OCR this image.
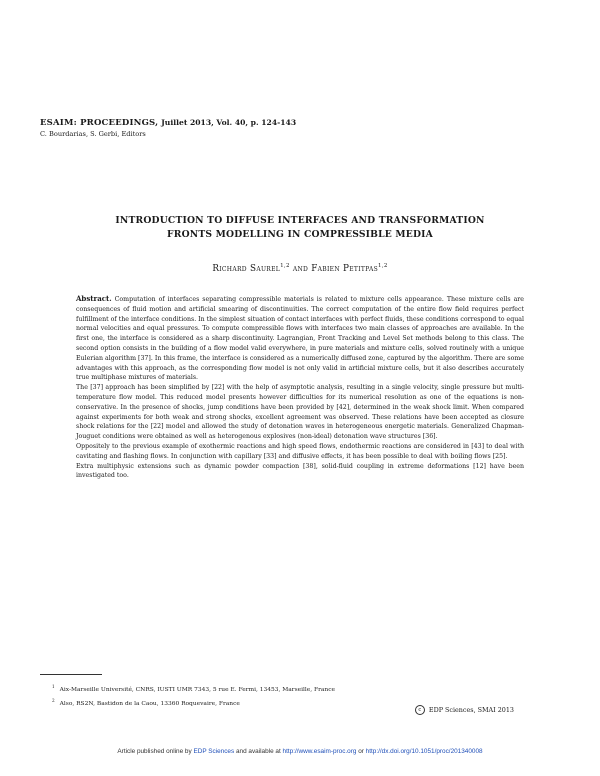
ESAIM: PROCEEDINGS, Juillet 2013, Vol. 40, p. 124-143
C. Bourdarias, S. Gerbi, Editors
INTRODUCTION TO DIFFUSE INTERFACES AND TRANSFORMATION
FRONTS MODELLING IN COMPRESSIBLE MEDIA
Richard Saurel$^{1,2}$ and Fabien Petitpas$^{1,2}$

Abstract. Computation of interfaces separating compressible materials is related to mixture cells appearance. These mixture cells are consequences of fluid motion and artificial smearing of discontinuities. The correct computation of the entire flow field requires perfect fulfillment of the interface conditions. In the simplest situation of contact interfaces with perfect fluids, these conditions correspond to equal normal velocities and equal pressures. To compute compressible flows with interfaces two main classes of approaches are available. In the first one, the interface is considered as a sharp discontinuity. Lagrangian, Front Tracking and Level Set methods belong to this class. The second option consists in the building of a flow model valid everywhere, in pure materials and mixture cells, solved routinely with a unique Eulerian algorithm [37]. In this frame, the interface is considered as a numerically diffused zone, captured by the algorithm. There are some advantages with this approach, as the corresponding flow model is not only valid in artificial mixture cells, but it also describes accurately true multiphase mixtures of materials.

The [37] approach has been simplified by [22] with the help of asymptotic analysis, resulting in a single velocity, single pressure but multi-temperature flow model. This reduced model presents however difficulties for its numerical resolution as one of the equations is non-conservative. In the presence of shocks, jump conditions have been provided by [42], determined in the weak shock limit. When compared against experiments for both weak and strong shocks, excellent agreement was observed. These relations have been accepted as closure shock relations for the [22] model and allowed the study of detonation waves in heterogeneous energetic materials. Generalized Chapman-Jouguet conditions were obtained as well as heterogenous explosives (non-ideal) detonation wave structures [36].

Oppositely to the previous example of exothermic reactions and high speed flows, endothermic reactions are considered in [43] to deal with cavitating and flashing flows. In conjunction with capillary [33] and diffusive effects, it has been possible to deal with boiling flows [25].

Extra multiphysic extensions such as dynamic powder compaction [38], solid-fluid coupling in extreme deformations [12] have been investigated too.

$^1$Aix-Marseille Université, CNRS, IUSTI UMR 7343, 5 rue E. Fermi, 13453, Marseille, France
$^2$Also, RS2N, Bastidon de la Caou, 13360 Roquevaire, France
c EDP Sciences, SMAI 2013
Article published online by EDP Sciences and available at http://www.esaim-proc.org or http://dx.doi.org/10.1051/proc/201340008
